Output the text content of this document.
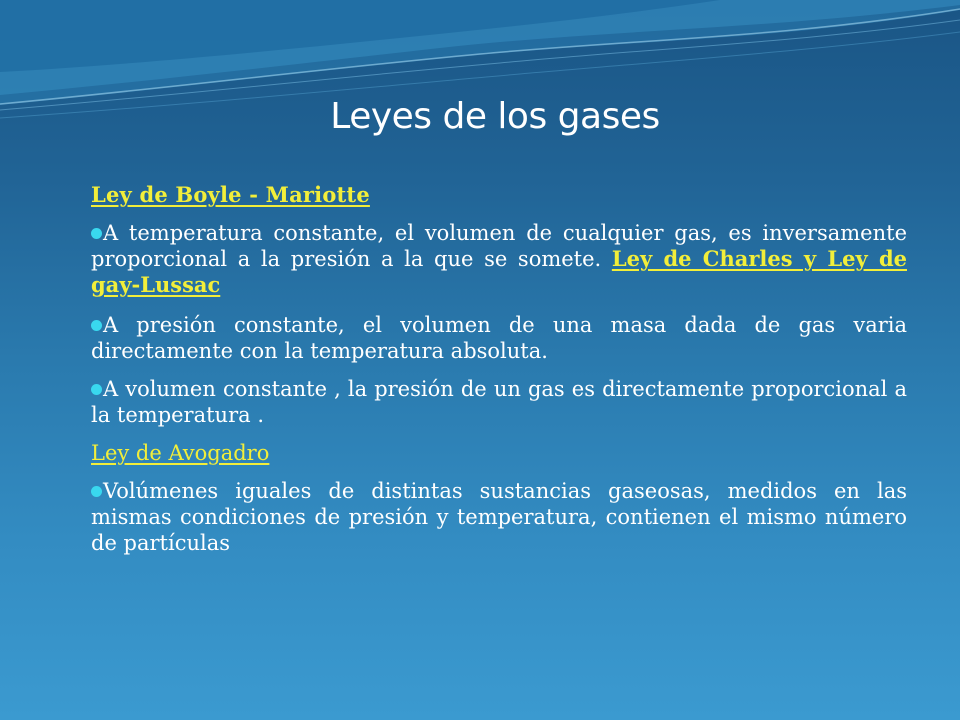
Leyes de los gases
Ley de Boyle - Mariotte

A temperatura constante, el volumen de cualquier gas, es inversamente proporcional a la presión a la que se somete. Ley de Charles y Ley de gay-Lussac

A presión constante, el volumen de una masa dada de gas varia directamente con la temperatura absoluta.

A volumen constante , la presión de un gas es directamente proporcional a la temperatura .

Ley de Avogadro

Volúmenes iguales de distintas sustancias gaseosas, medidos en las mismas condiciones de presión y temperatura, contienen el mismo número de partículas
